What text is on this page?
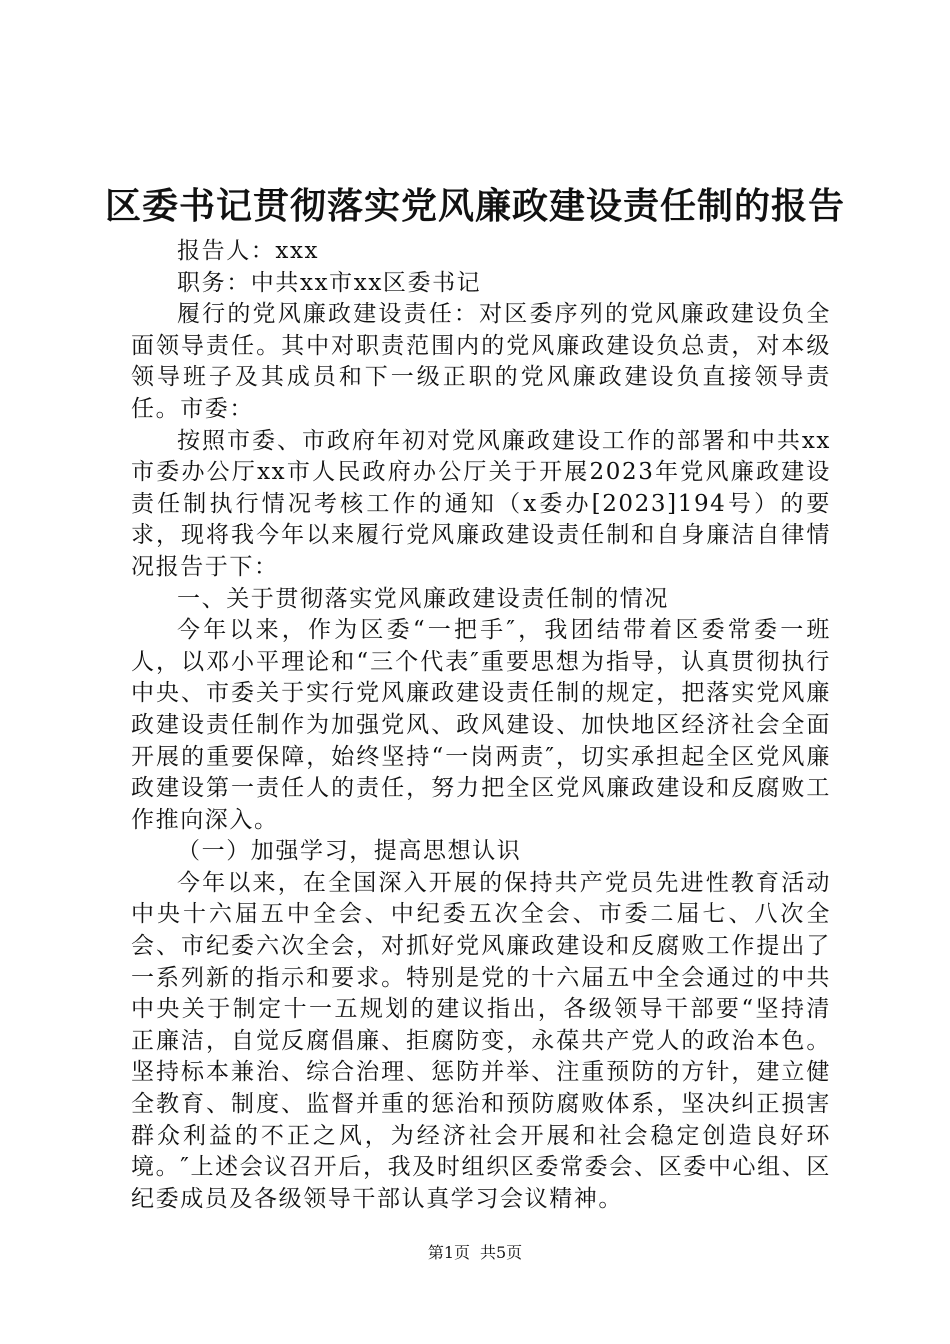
区委书记贯彻落实党风廉政建设责任制的报告

报告人：xxx

职务：中共xx市xx区委书记

履行的党风廉政建设责任：对区委序列的党风廉政建设负全面领导责任。其中对职责范围内的党风廉政建设负总责，对本级领导班子及其成员和下一级正职的党风廉政建设负直接领导责任。市委：

按照市委、市政府年初对党风廉政建设工作的部署和中共xx市委办公厅xx市人民政府办公厅关于开展2023年党风廉政建设责任制执行情况考核工作的通知（x委办[2023]194号）的要求，现将我今年以来履行党风廉政建设责任制和自身廉洁自律情况报告于下：

一、关于贯彻落实党风廉政建设责任制的情况

今年以来，作为区委“一把手″，我团结带着区委常委一班人，以邓小平理论和“三个代表″重要思想为指导，认真贯彻执行中央、市委关于实行党风廉政建设责任制的规定，把落实党风廉政建设责任制作为加强党风、政风建设、加快地区经济社会全面开展的重要保障，始终坚持“一岗两责″，切实承担起全区党风廉政建设第一责任人的责任，努力把全区党风廉政建设和反腐败工作推向深入。

（一）加强学习，提高思想认识

今年以来，在全国深入开展的保持共产党员先进性教育活动中央十六届五中全会、中纪委五次全会、市委二届七、八次全会、市纪委六次全会，对抓好党风廉政建设和反腐败工作提出了一系列新的指示和要求。特别是党的十六届五中全会通过的中共中央关于制定十一五规划的建议指出，各级领导干部要“坚持清正廉洁，自觉反腐倡廉、拒腐防变，永葆共产党人的政治本色。坚持标本兼治、综合治理、惩防并举、注重预防的方针，建立健全教育、制度、监督并重的惩治和预防腐败体系，坚决纠正损害群众利益的不正之风，为经济社会开展和社会稳定创造良好环境。″上述会议召开后，我及时组织区委常委会、区委中心组、区纪委成员及各级领导干部认真学习会议精神。

第1页 共5页
